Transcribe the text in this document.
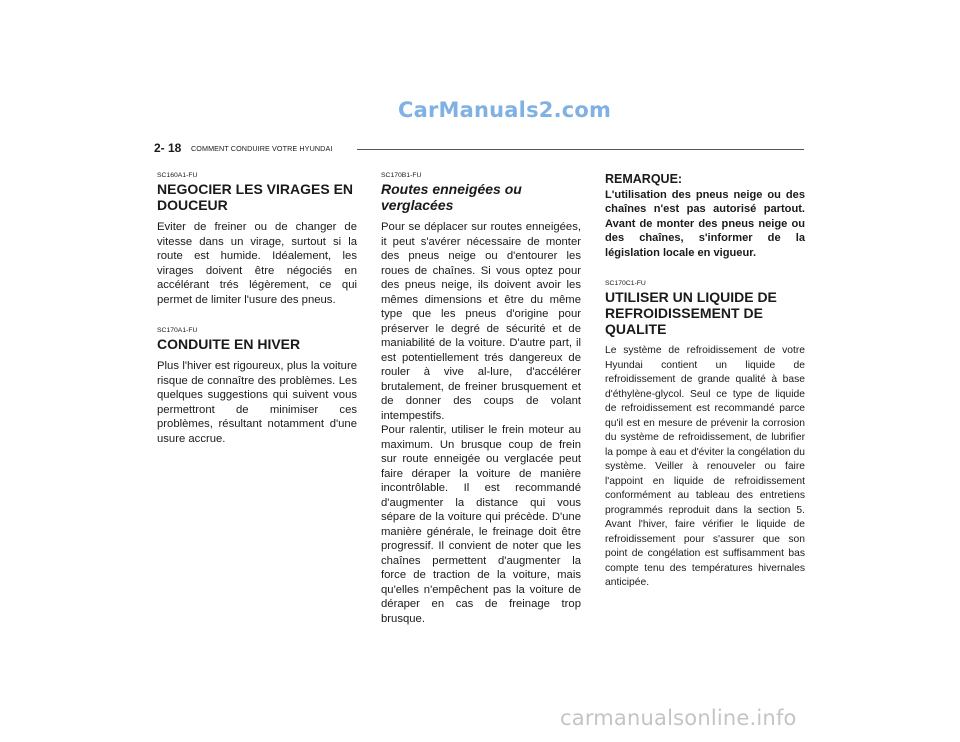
CarManuals2.com
2- 18 COMMENT CONDUIRE VOTRE HYUNDAI
SC160A1-FU
NEGOCIER LES VIRAGES EN DOUCEUR

Eviter de freiner ou de changer de vitesse dans un virage, surtout si la route est humide. Idéalement, les virages doivent être négociés en accélérant trés légèrement, ce qui permet de limiter l'usure des pneus.

SC170A1-FU
CONDUITE EN HIVER

Plus l'hiver est rigoureux, plus la voiture risque de connaître des problèmes. Les quelques suggestions qui suivent vous permettront de minimiser ces problèmes, résultant notamment d'une usure accrue.

SC170B1-FU
Routes enneigées ou verglacées

Pour se déplacer sur routes enneigées, it peut s'avérer nécessaire de monter des pneus neige ou d'entourer les roues de chaînes. Si vous optez pour des pneus neige, ils doivent avoir les mêmes dimensions et être du même type que les pneus d'origine pour préserver le degré de sécurité et de maniabilité de la voiture. D'autre part, il est potentiellement trés dangereux de rouler à vive al-lure, d'accélérer brutalement, de freiner brusquement et de donner des coups de volant intempestifs.

Pour ralentir, utiliser le frein moteur au maximum. Un brusque coup de frein sur route enneigée ou verglacée peut faire déraper la voiture de manière incontrôlable. Il est recommandé d'augmenter la distance qui vous sépare de la voiture qui précède. D'une manière générale, le freinage doit être progressif. Il convient de noter que les chaînes permettent d'augmenter la force de traction de la voiture, mais qu'elles n'empêchent pas la voiture de déraper en cas de freinage trop brusque.

REMARQUE:

L'utilisation des pneus neige ou des chaînes n'est pas autorisé partout. Avant de monter des pneus neige ou des chaînes, s'informer de la législation locale en vigueur.

SC170C1-FU
UTILISER UN LIQUIDE DE REFROIDISSEMENT DE QUALITE

Le système de refroidissement de votre Hyundai contient un liquide de refroidissement de grande qualité à base d'éthylène-glycol. Seul ce type de liquide de refroidissement est recommandé parce qu'il est en mesure de prévenir la corrosion du système de refroidissement, de lubrifier la pompe à eau et d'éviter la congélation du système. Veiller à renouveler ou faire l'appoint en liquide de refroidissement conformément au tableau des entretiens programmés reproduit dans la section 5. Avant l'hiver, faire vérifier le liquide de refroidissement pour s'assurer que son point de congélation est suffisamment bas compte tenu des températures hivernales anticipée.

carmanualsonline.info
